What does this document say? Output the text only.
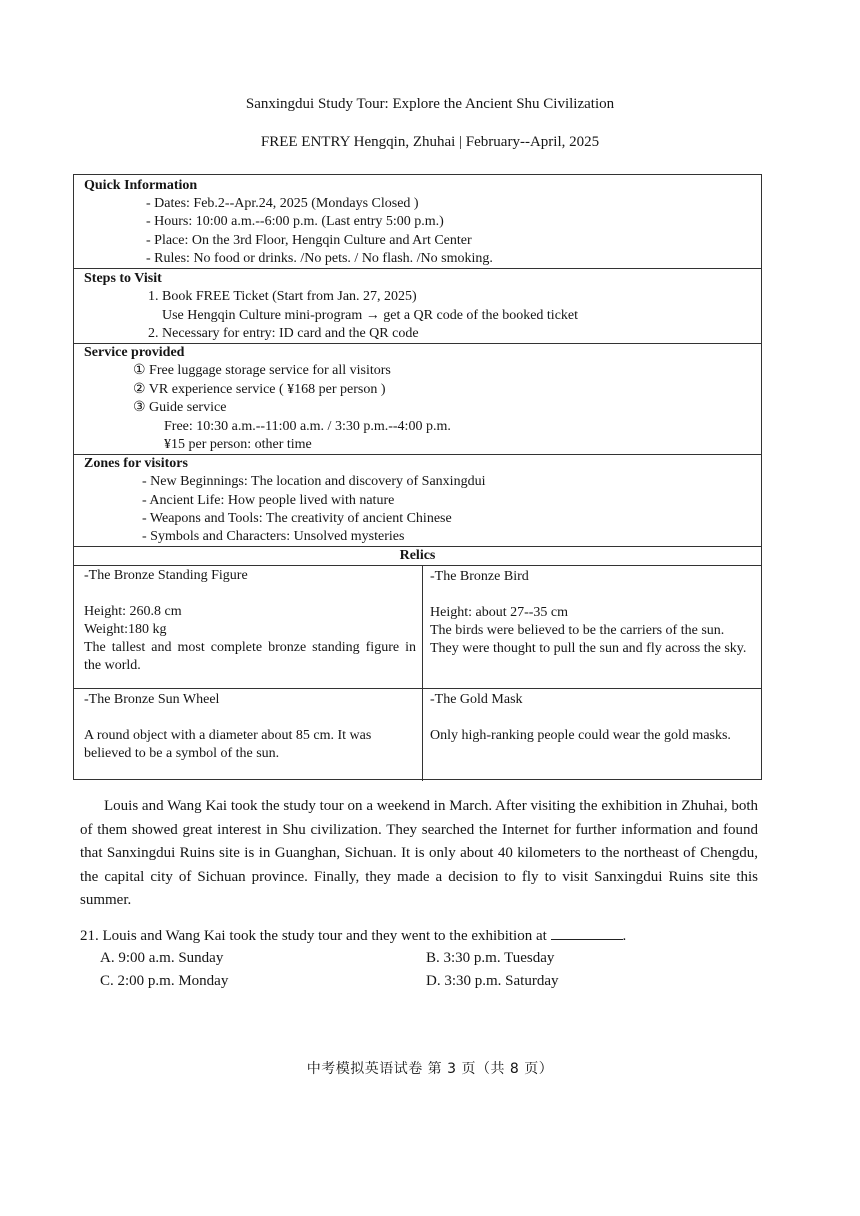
Sanxingdui Study Tour: Explore the Ancient Shu Civilization
FREE ENTRY Hengqin, Zhuhai | February--April, 2025
Quick Information
- Dates: Feb.2--Apr.24, 2025 (Mondays Closed )
- Hours: 10:00 a.m.--6:00 p.m. (Last entry 5:00 p.m.)
- Place: On the 3rd Floor, Hengqin Culture and Art Center
- Rules: No food or drinks. /No pets. / No flash. /No smoking.
Steps to Visit
1. Book FREE Ticket (Start from Jan. 27, 2025)
Use Hengqin Culture mini-program → get a QR code of the booked ticket
2. Necessary for entry: ID card and the QR code
Service provided
① Free luggage storage service for all visitors
② VR experience service ( ¥168 per person )
③ Guide service
Free: 10:30 a.m.--11:00 a.m. / 3:30 p.m.--4:00 p.m.
¥15 per person: other time
Zones for visitors
- New Beginnings: The location and discovery of Sanxingdui
- Ancient Life: How people lived with nature
- Weapons and Tools: The creativity of ancient Chinese
- Symbols and Characters: Unsolved mysteries
Relics

-The Bronze Standing Figure

Height: 260.8 cm

Weight:180 kg

The tallest and most complete bronze standing figure in the world.

-The Bronze Bird

Height: about 27--35 cm

The birds were believed to be the carriers of the sun. They were thought to pull the sun and fly across the sky.

-The Bronze Sun Wheel

A round object with a diameter about 85 cm. It was believed to be a symbol of the sun.

-The Gold Mask

Only high-ranking people could wear the gold masks.

Louis and Wang Kai took the study tour on a weekend in March. After visiting the exhibition in Zhuhai, both of them showed great interest in Shu civilization. They searched the Internet for further information and found that Sanxingdui Ruins site is in Guanghan, Sichuan. It is only about 40 kilometers to the northeast of Chengdu, the capital city of Sichuan province. Finally, they made a decision to fly to visit Sanxingdui Ruins site this summer.

21. Louis and Wang Kai took the study tour and they went to the exhibition at	.
A. 9:00 a.m. Sunday	B. 3:30 p.m. Tuesday
C. 2:00 p.m. Monday	D. 3:30 p.m. Saturday
中考模拟英语试卷 第 3 页（共 8 页）
